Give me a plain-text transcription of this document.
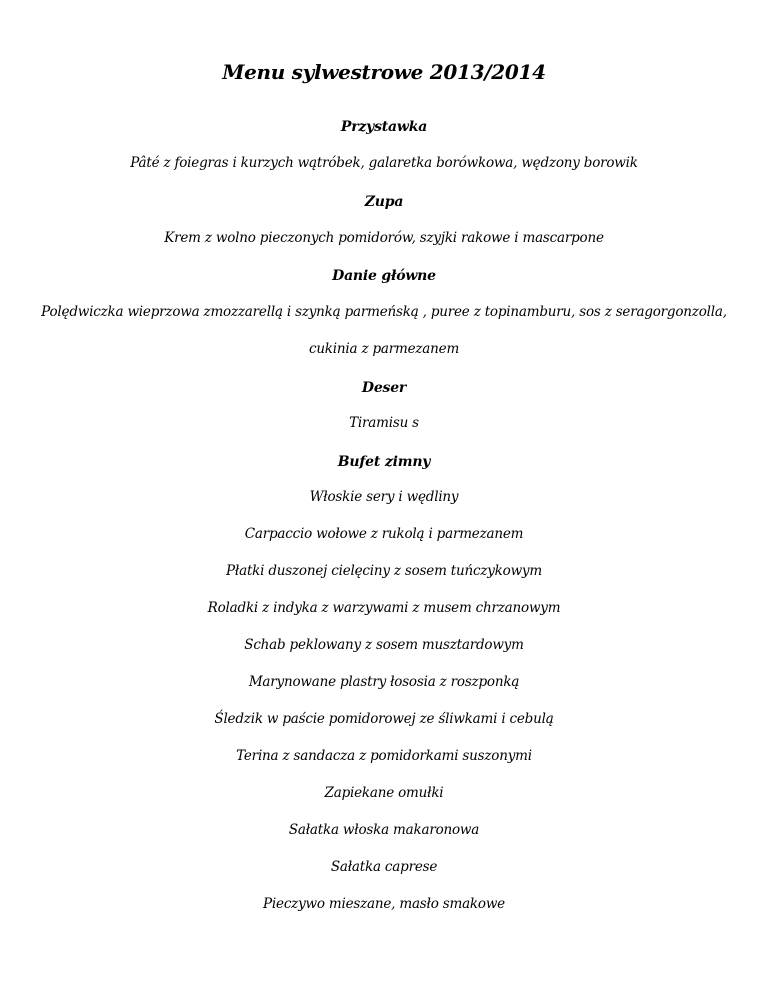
Menu sylwestrowe 2013/2014
Przystawka
Pâté z foiegras i kurzych wątróbek, galaretka borówkowa, wędzony borowik
Zupa
Krem z wolno pieczonych pomidorów, szyjki rakowe i mascarpone
Danie główne
Polędwiczka wieprzowa zmozzarellą i szynką parmeńską , puree z topinamburu, sos z seragorgonzolla,
cukinia z parmezanem
Deser
Tiramisu s
Bufet zimny
Włoskie sery i wędliny
Carpaccio wołowe z rukolą i parmezanem
Płatki duszonej cielęciny z sosem tuńczykowym
Roladki z indyka z warzywami z musem chrzanowym
Schab peklowany z sosem musztardowym
Marynowane plastry łososia z roszponką
Śledzik w paście pomidorowej ze śliwkami i cebulą
Terina z sandacza z pomidorkami suszonymi
Zapiekane omułki
Sałatka włoska makaronowa
Sałatka caprese
Pieczywo mieszane, masło smakowe
